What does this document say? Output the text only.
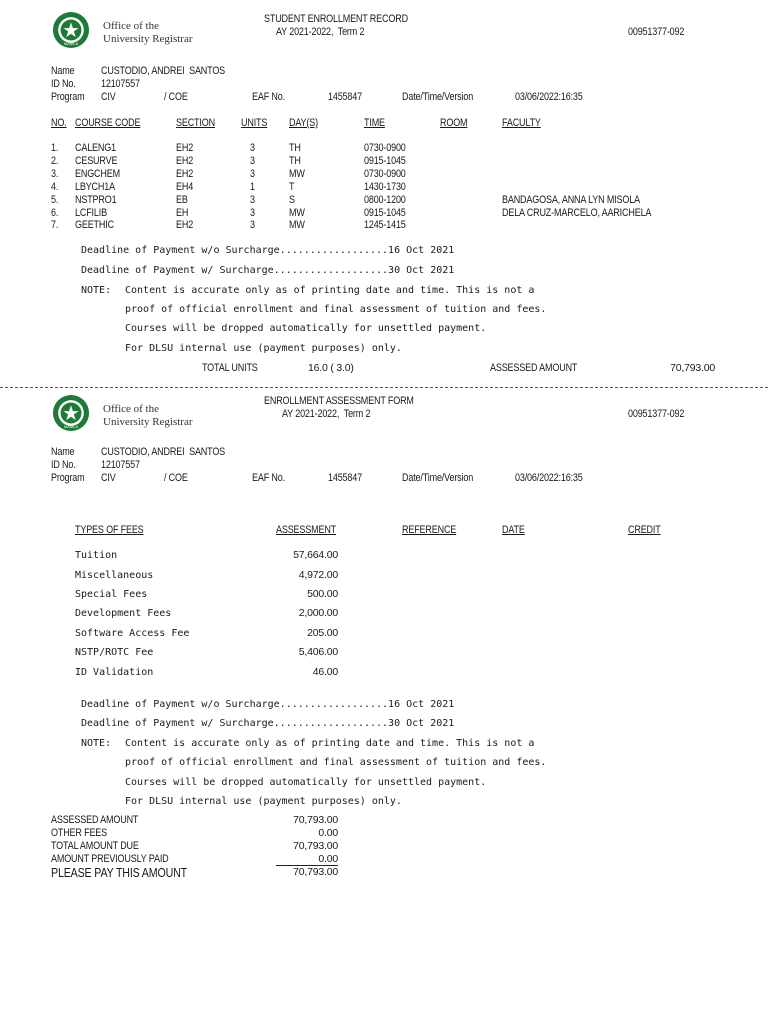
MANILA
Office of the
University Registrar
STUDENT ENROLLMENT RECORD
AY 2021-2022,  Term 2	00951377-092
Name CUSTODIO, ANDREI  SANTOS
ID No. 12107557
Program CIV	/ COE	EAF No.	1455847	Date/Time/Version	03/06/2022:16:35
NO. COURSE CODE	SECTION UNITS DAY(S)	TIME	ROOM	FACULTY
1. CALENG1	EH2	3	TH	0730-0900
2. CESURVE	EH2	3	TH	0915-1045
3. ENGCHEM	EH2	3	MW	0730-0900
4. LBYCH1A	EH4	1	T	1430-1730
5. NSTPRO1	EB	3	S	0800-1200	BANDAGOSA, ANNA LYN MISOLA
6. LCFILIB	EH	3	MW	0915-1045	DELA CRUZ-MARCELO, AARICHELA
7. GEETHIC	EH2	3	MW	1245-1415
Deadline of Payment w/o Surcharge..................16 Oct 2021
Deadline of Payment w/ Surcharge...................30 Oct 2021
NOTE: Content is accurate only as of printing date and time. This is not a
proof of official enrollment and final assessment of tuition and fees.
Courses will be dropped automatically for unsettled payment.
For DLSU internal use (payment purposes) only.
TOTAL UNITS	16.0 ( 3.0)	ASSESSED AMOUNT	70,793.00
MANILA
Office of the
University Registrar
ENROLLMENT ASSESSMENT FORM
AY 2021-2022,  Term 2	00951377-092
Name CUSTODIO, ANDREI  SANTOS
ID No. 12107557
Program CIV	/ COE	EAF No.	1455847	Date/Time/Version	03/06/2022:16:35
TYPES OF FEES	ASSESSMENT	REFERENCE	DATE	CREDIT
Tuition	57,664.00
Miscellaneous	4,972.00
Special Fees	500.00
Development Fees	2,000.00
Software Access Fee	205.00
NSTP/ROTC Fee	5,406.00
ID Validation	46.00
Deadline of Payment w/o Surcharge..................16 Oct 2021
Deadline of Payment w/ Surcharge...................30 Oct 2021
NOTE: Content is accurate only as of printing date and time. This is not a
proof of official enrollment and final assessment of tuition and fees.
Courses will be dropped automatically for unsettled payment.
For DLSU internal use (payment purposes) only.
ASSESSED AMOUNT	70,793.00
OTHER FEES	0.00
TOTAL AMOUNT DUE	70,793.00
AMOUNT PREVIOUSLY PAID	0.00
PLEASE PAY THIS AMOUNT	70,793.00
